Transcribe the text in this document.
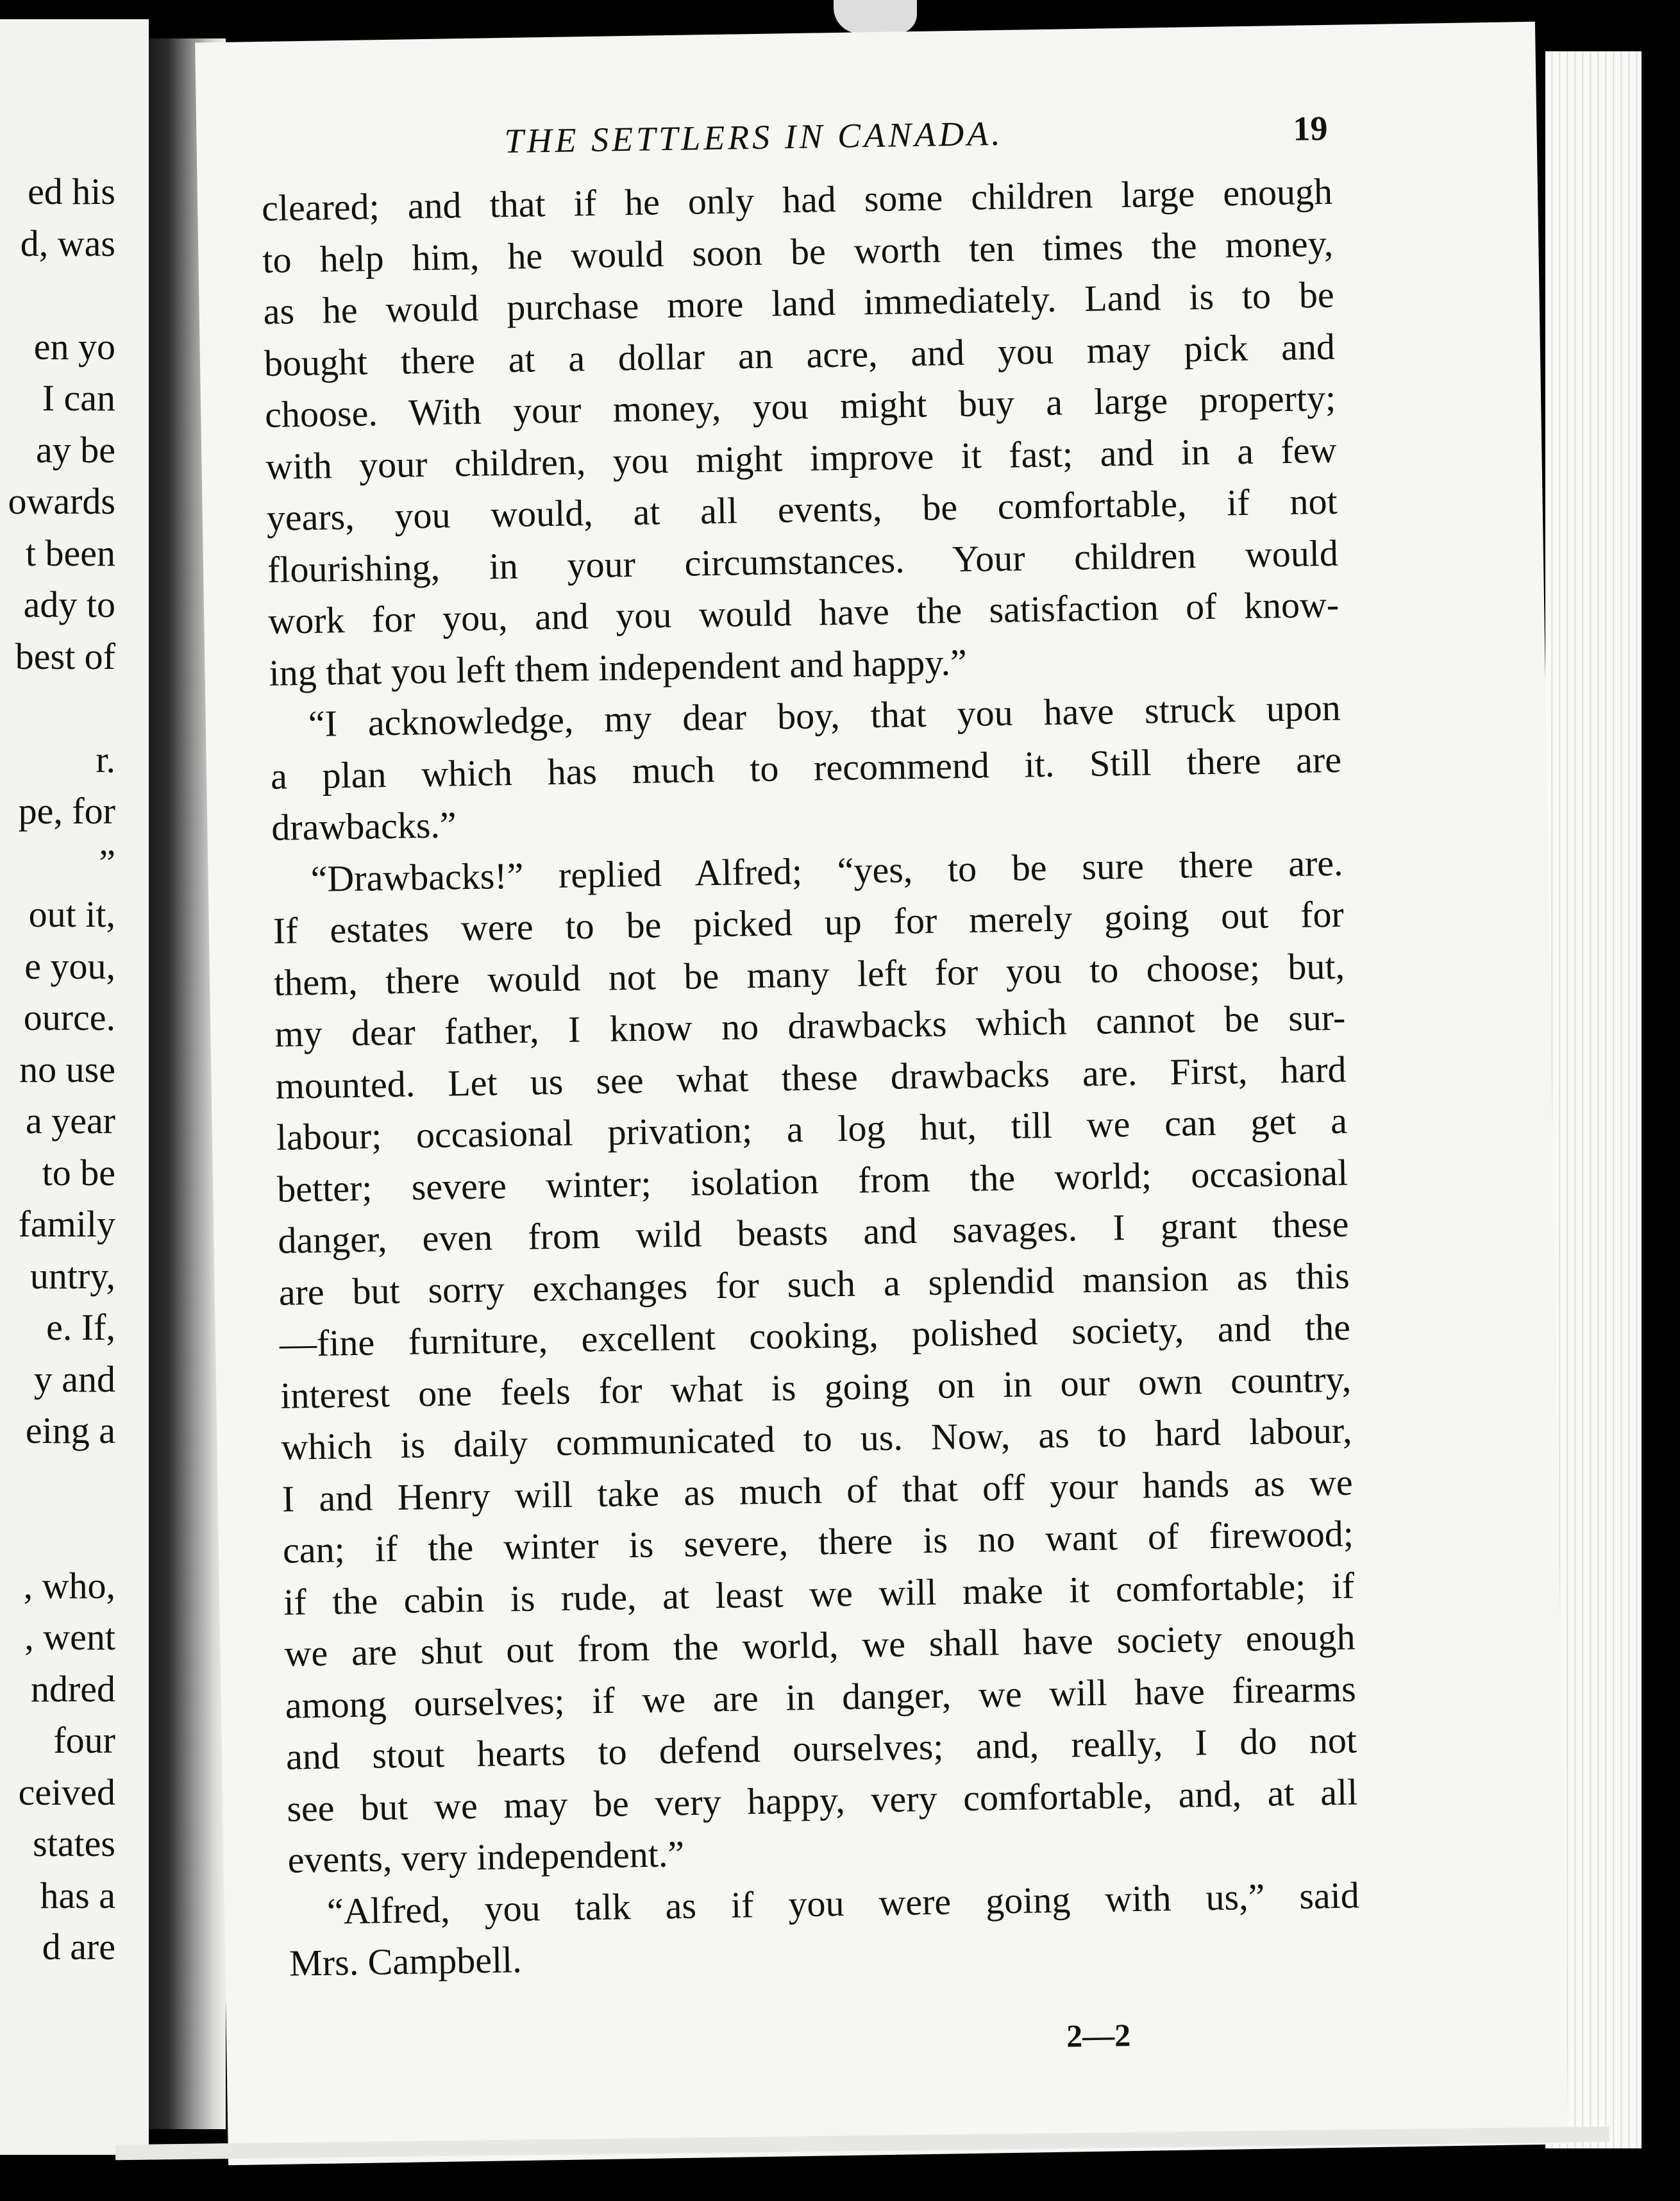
ed his
d, was
en yo
I can
ay be
owards
t been
ady to
best of
r.
pe, for
”
out it,
e you,
ource.
no use
a year
to be
family
untry,
e. If,
y and
eing a
, who,
, went
ndred
four
ceived
states
has a
d are
THE SETTLERS IN CANADA.	19
cleared; and that if he only had some children large enough
to help him, he would soon be worth ten times the money,
as he would purchase more land immediately. Land is to be
bought there at a dollar an acre, and you may pick and
choose. With your money, you might buy a large property;
with your children, you might improve it fast; and in a few
years, you would, at all events, be comfortable, if not
flourishing, in your circumstances. Your children would
work for you, and you would have the satisfaction of know-
ing that you left them independent and happy.”
“I acknowledge, my dear boy, that you have struck upon
a plan which has much to recommend it. Still there are
drawbacks.”
“Drawbacks!” replied Alfred; “yes, to be sure there are.
If estates were to be picked up for merely going out for
them, there would not be many left for you to choose; but,
my dear father, I know no drawbacks which cannot be sur-
mounted. Let us see what these drawbacks are. First, hard
labour; occasional privation; a log hut, till we can get a
better; severe winter; isolation from the world; occasional
danger, even from wild beasts and savages. I grant these
are but sorry exchanges for such a splendid mansion as this
—fine furniture, excellent cooking, polished society, and the
interest one feels for what is going on in our own country,
which is daily communicated to us. Now, as to hard labour,
I and Henry will take as much of that off your hands as we
can; if the winter is severe, there is no want of firewood;
if the cabin is rude, at least we will make it comfortable; if
we are shut out from the world, we shall have society enough
among ourselves; if we are in danger, we will have firearms
and stout hearts to defend ourselves; and, really, I do not
see but we may be very happy, very comfortable, and, at all
events, very independent.”
“Alfred, you talk as if you were going with us,” said
Mrs. Campbell.
2—2
